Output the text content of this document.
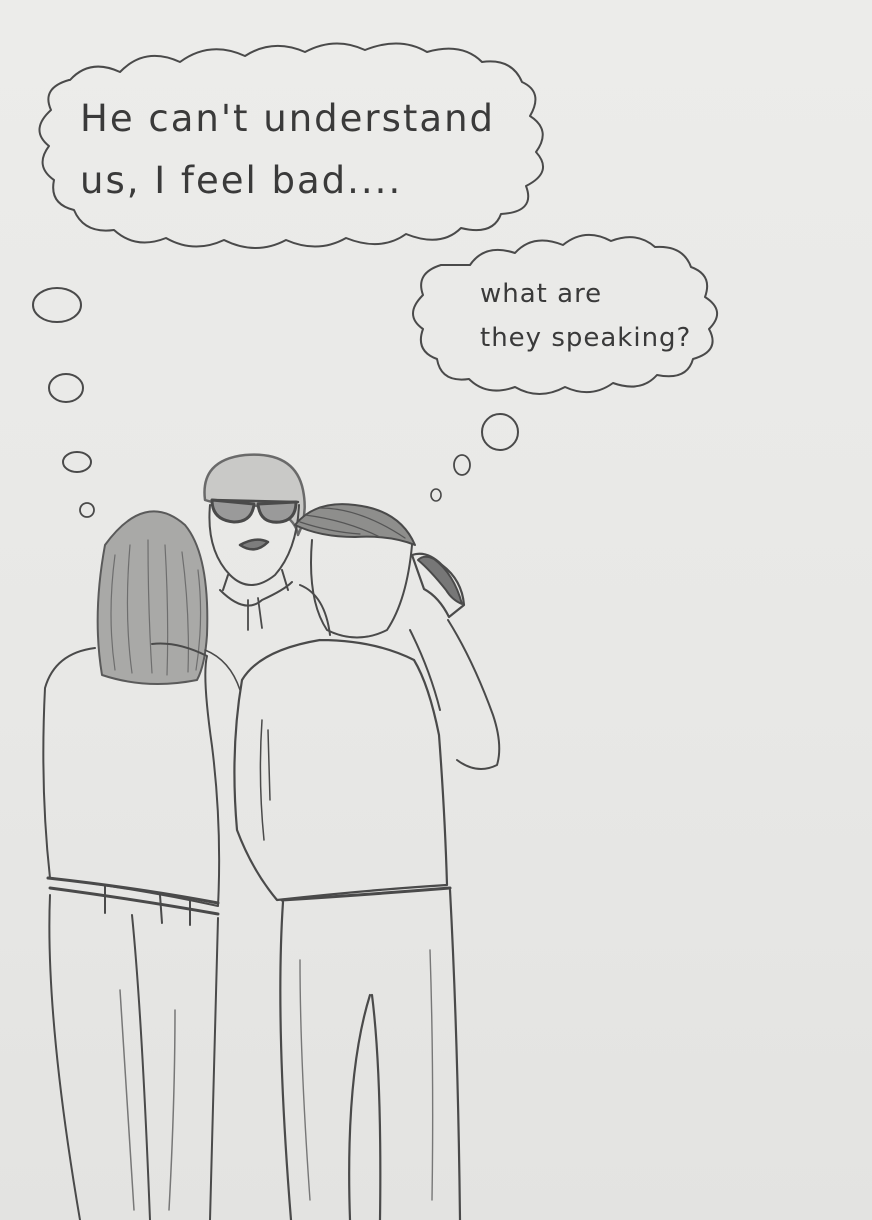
He can't understand
us, I feel bad....
what are
they speaking?
